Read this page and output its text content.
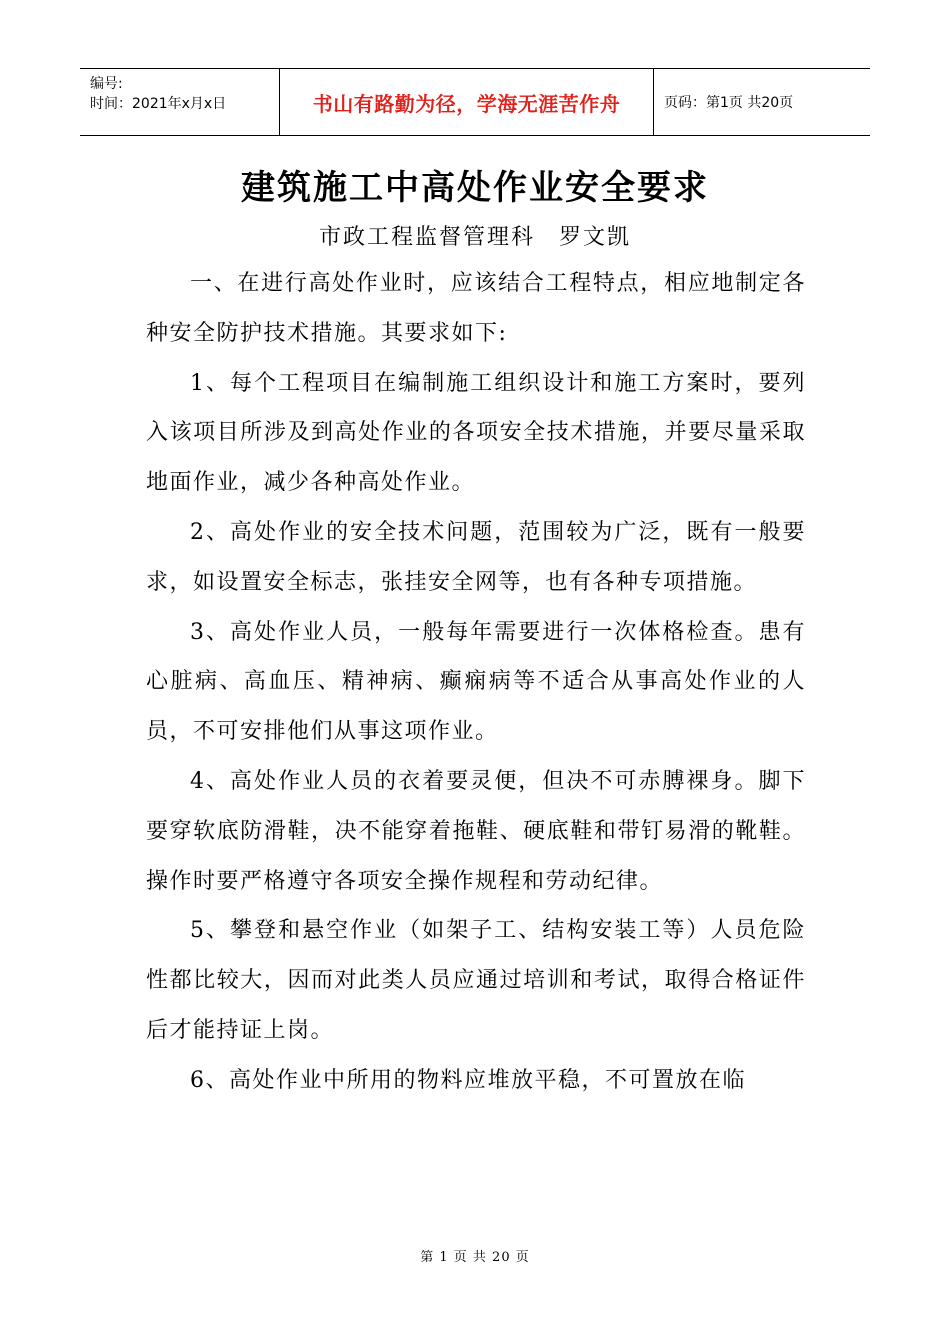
编号:
时间：2021年x月x日	书山有路勤为径，学海无涯苦作舟	页码：第1页 共20页
建筑施工中高处作业安全要求
市政工程监督管理科　罗文凯

一、在进行高处作业时，应该结合工程特点，相应地制定各种安全防护技术措施。其要求如下:

1、每个工程项目在编制施工组织设计和施工方案时，要列入该项目所涉及到高处作业的各项安全技术措施，并要尽量采取地面作业，减少各种高处作业。

2、高处作业的安全技术问题，范围较为广泛，既有一般要求，如设置安全标志，张挂安全网等，也有各种专项措施。

3、高处作业人员，一般每年需要进行一次体格检查。患有心脏病、高血压、精神病、癫痫病等不适合从事高处作业的人员，不可安排他们从事这项作业。

4、高处作业人员的衣着要灵便，但决不可赤膊裸身。脚下要穿软底防滑鞋，决不能穿着拖鞋、硬底鞋和带钉易滑的靴鞋。操作时要严格遵守各项安全操作规程和劳动纪律。

5、攀登和悬空作业（如架子工、结构安装工等）人员危险性都比较大，因而对此类人员应通过培训和考试，取得合格证件后才能持证上岗。

6、高处作业中所用的物料应堆放平稳，不可置放在临

第 1 页 共 20 页
